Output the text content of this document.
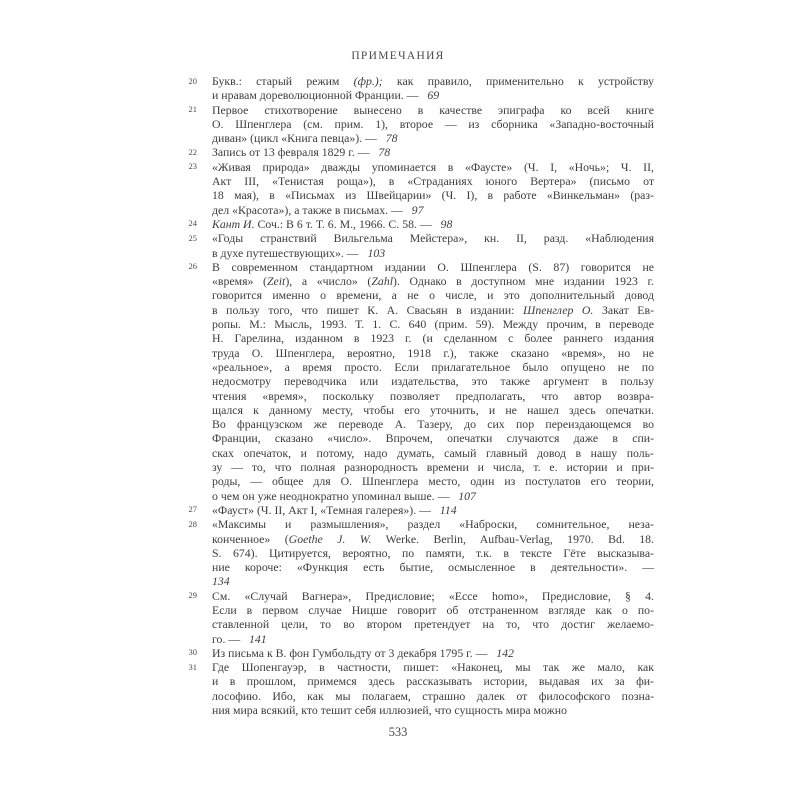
ПРИМЕЧАНИЯ
20 Букв.: старый режим (фр.); как правило, применительно к устройству
и нравам дореволюционной Франции. —  69
21 Первое стихотворение вынесено в качестве эпиграфа ко всей книге
О. Шпенглера (см. прим. 1), второе — из сборника «Западно-восточный
диван» (цикл «Книга певца»). —  78
22 Запись от 13 февраля 1829 г. —  78
23 «Живая природа» дважды упоминается в «Фаусте» (Ч. I, «Ночь»; Ч. II,
Акт III, «Тенистая роща»), в «Страданиях юного Вертера» (письмо от
18 мая), в «Письмах из Швейцарии» (Ч. I), в работе «Винкельман» (раз-
дел «Красота»), а также в письмах. —  97
24 Кант И. Соч.: В 6 т. Т. 6. М., 1966. С. 58. —  98
25 «Годы странствий Вильгельма Мейстера», кн. II, разд. «Наблюдения
в духе путешествующих». —  103
26 В современном стандартном издании О. Шпенглера (S. 87) говорится не
«время» (Zeit), а «число» (Zahl). Однако в доступном мне издании 1923 г.
говорится именно о времени, а не о числе, и это дополнительный довод
в пользу того, что пишет К. А. Свасьян в издании: Шпенглер О. Закат Ев-
ропы. М.: Мысль, 1993. Т. 1. С. 640 (прим. 59). Между прочим, в переводе
Н. Гарелина, изданном в 1923 г. (и сделанном с более раннего издания
труда О. Шпенглера, вероятно, 1918 г.), также сказано «время», но не
«реальное», а время просто. Если прилагательное было опущено не по
недосмотру переводчика или издательства, это также аргумент в пользу
чтения «время», поскольку позволяет предполагать, что автор возвра-
щался к данному месту, чтобы его уточнить, и не нашел здесь опечатки.
Во французском же переводе А. Тазеру, до сих пор переиздающемся во
Франции, сказано «число». Впрочем, опечатки случаются даже в спи-
сках опечаток, и потому, надо думать, самый главный довод в нашу поль-
зу — то, что полная разнородность времени и числа, т. е. истории и при-
роды, — общее для О. Шпенглера место, один из постулатов его теории,
о чем он уже неоднократно упоминал выше. —  107
27 «Фауст» (Ч. II, Акт I, «Темная галерея»). —  114
28 «Максимы и размышления», раздел «Наброски, сомнительное, неза-
конченное» (Goethe J. W. Werke. Berlin, Aufbau-Verlag, 1970. Bd. 18.
S. 674). Цитируется, вероятно, по памяти, т.к. в тексте Гёте высказыва-
ние короче: «Функция есть бытие, осмысленное в деятельности». —
134
29 См. «Случай Вагнера», Предисловие; «Ecce homo», Предисловие, § 4.
Если в первом случае Ницше говорит об отстраненном взгляде как о по-
ставленной цели, то во втором претендует на то, что достиг желаемо-
го. —  141
30 Из письма к В. фон Гумбольдту от 3 декабря 1795 г. —  142
31 Где Шопенгауэр, в частности, пишет: «Наконец, мы так же мало, как
и в прошлом, примемся здесь рассказывать истории, выдавая их за фи-
лософию. Ибо, как мы полагаем, страшно далек от философского позна-
ния мира всякий, кто тешит себя иллюзией, что сущность мира можно
533
